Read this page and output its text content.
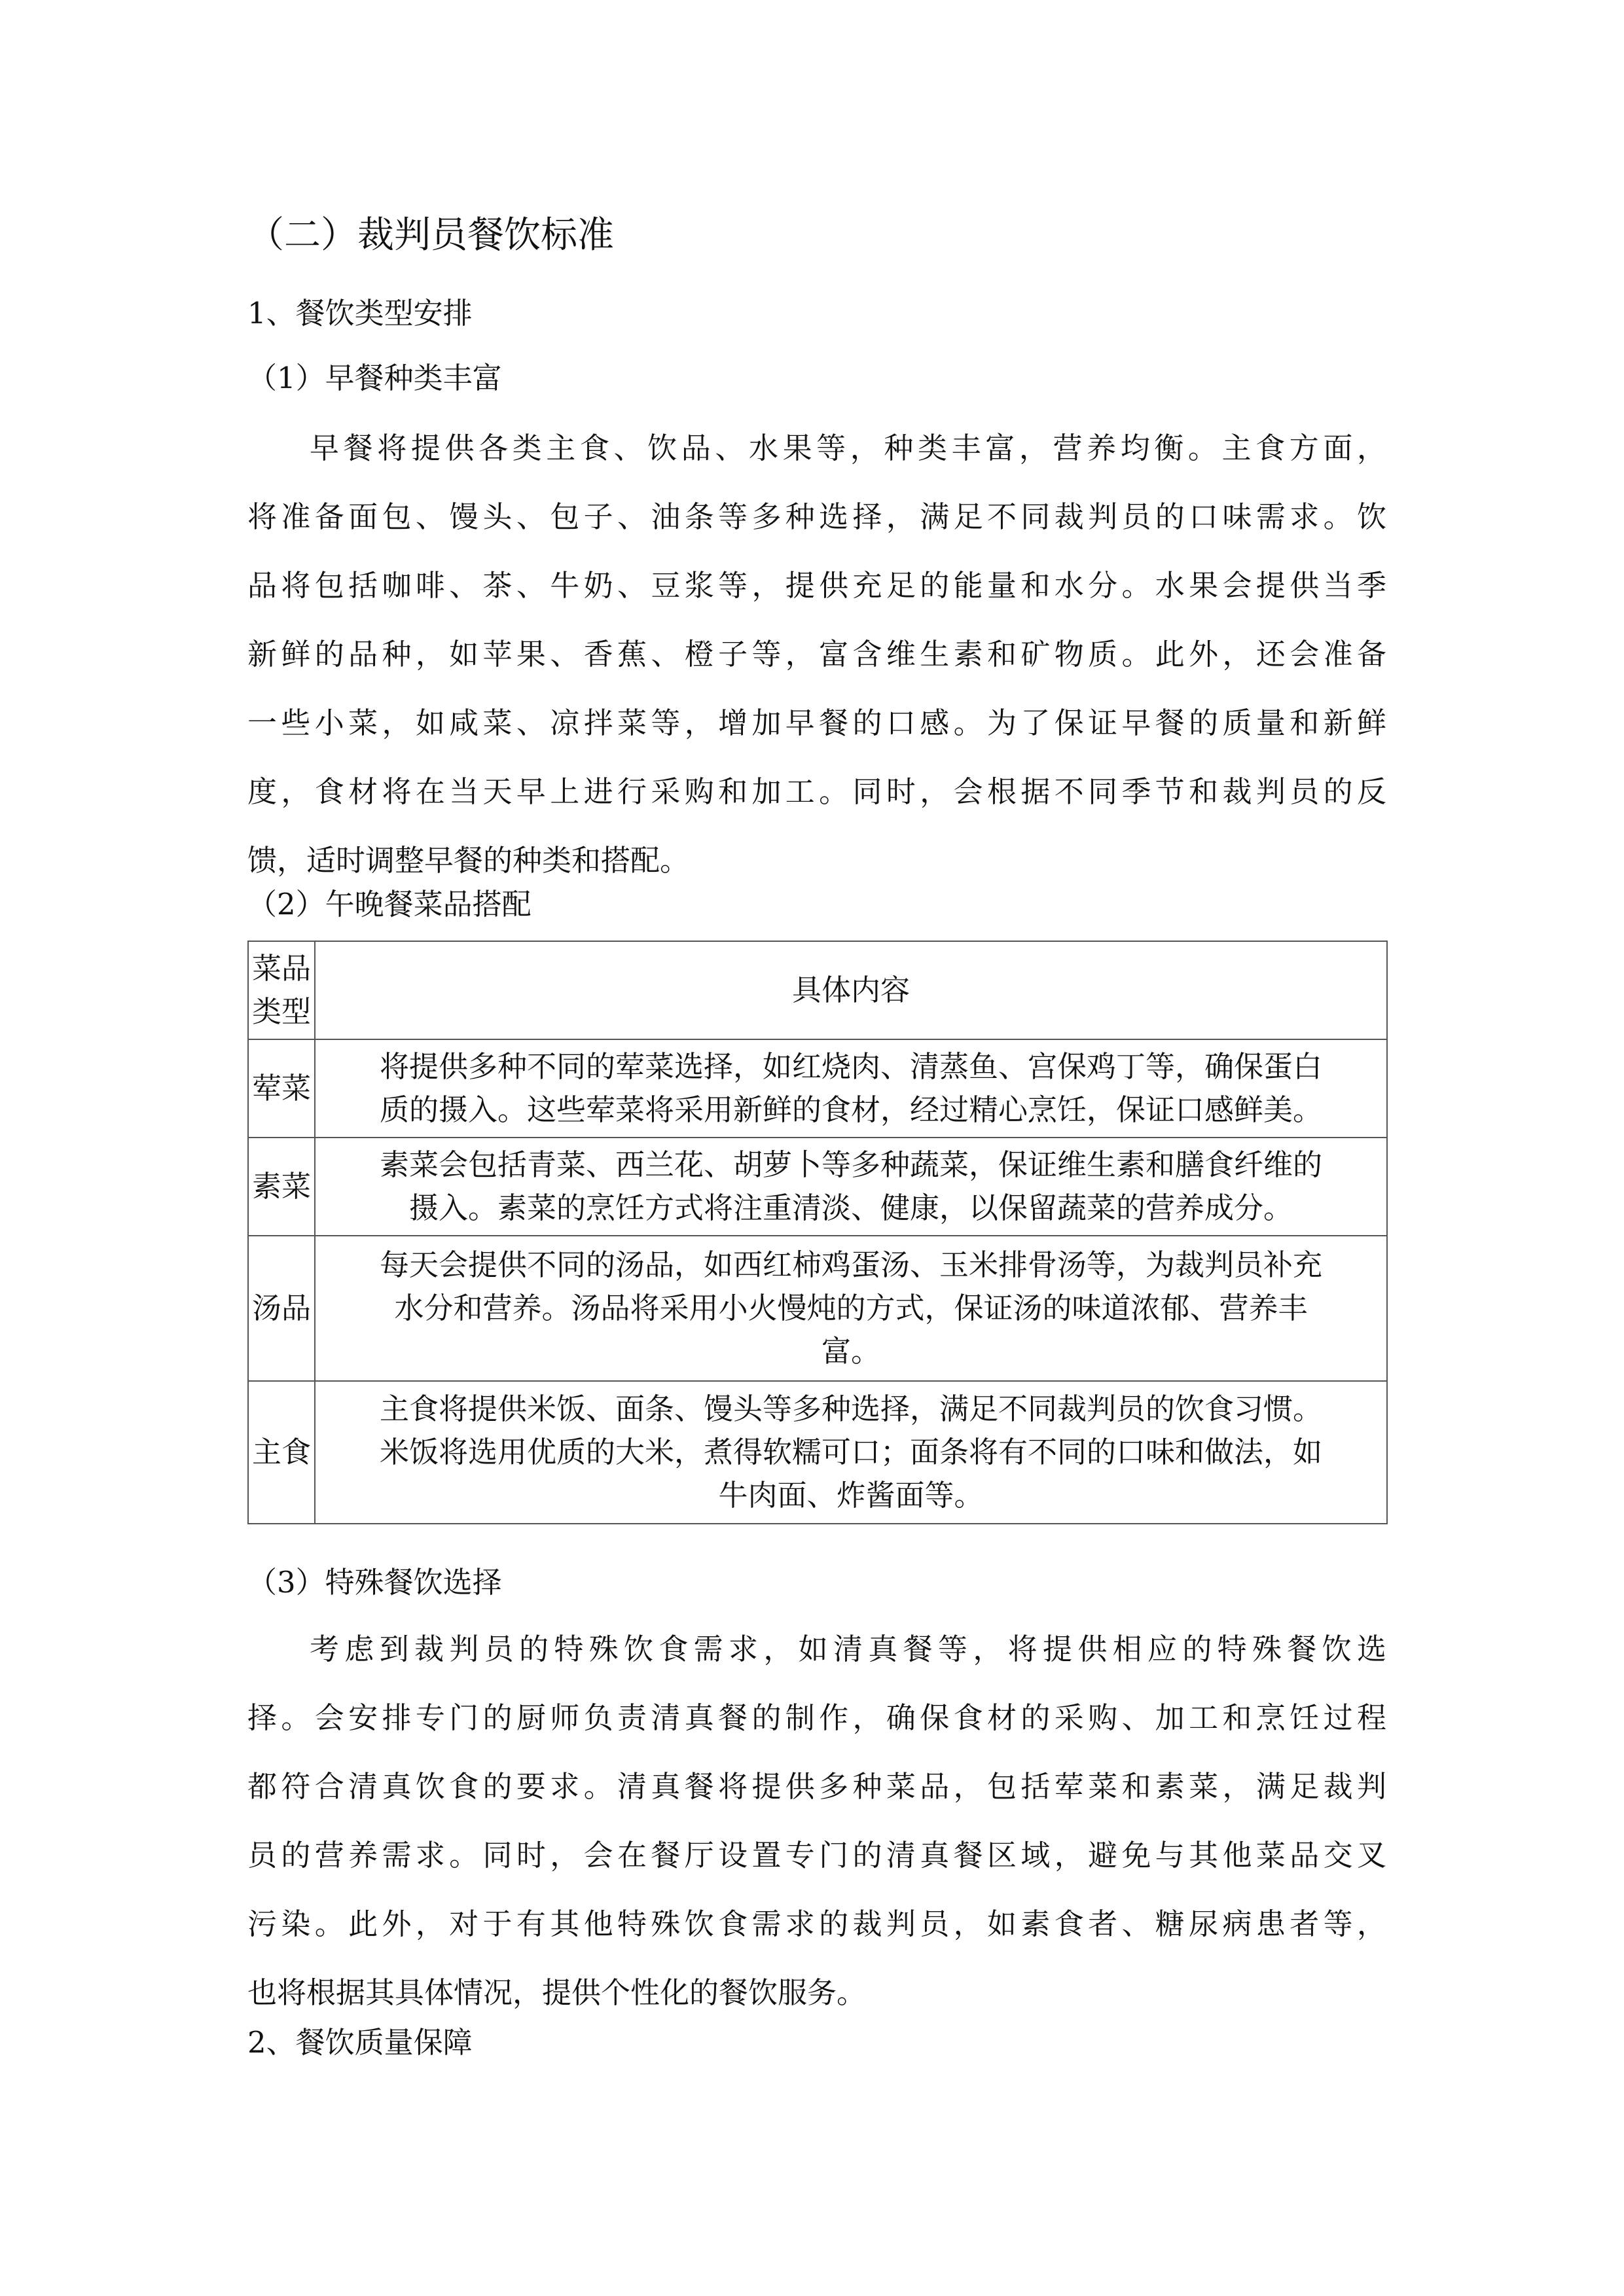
（二）裁判员餐饮标准
1、餐饮类型安排
（1）早餐种类丰富
早餐将提供各类主食、饮品、水果等，种类丰富，营养均衡。主食方面，
将准备面包、馒头、包子、油条等多种选择，满足不同裁判员的口味需求。饮
品将包括咖啡、茶、牛奶、豆浆等，提供充足的能量和水分。水果会提供当季
新鲜的品种，如苹果、香蕉、橙子等，富含维生素和矿物质。此外，还会准备
一些小菜，如咸菜、凉拌菜等，增加早餐的口感。为了保证早餐的质量和新鲜
度，食材将在当天早上进行采购和加工。同时，会根据不同季节和裁判员的反
馈，适时调整早餐的种类和搭配。
（2）午晚餐菜品搭配
菜品
类型	具体内容
荤菜	将提供多种不同的荤菜选择，如红烧肉、清蒸鱼、宫保鸡丁等，确保蛋白
质的摄入。这些荤菜将采用新鲜的食材，经过精心烹饪，保证口感鲜美。

素菜	素菜会包括青菜、西兰花、胡萝卜等多种蔬菜，保证维生素和膳食纤维的
摄入。素菜的烹饪方式将注重清淡、健康，以保留蔬菜的营养成分。

汤品	每天会提供不同的汤品，如西红柿鸡蛋汤、玉米排骨汤等，为裁判员补充
水分和营养。汤品将采用小火慢炖的方式，保证汤的味道浓郁、营养丰
富。

主食	主食将提供米饭、面条、馒头等多种选择，满足不同裁判员的饮食习惯。
米饭将选用优质的大米，煮得软糯可口；面条将有不同的口味和做法，如
牛肉面、炸酱面等。
（3）特殊餐饮选择
考虑到裁判员的特殊饮食需求，如清真餐等，将提供相应的特殊餐饮选
择。会安排专门的厨师负责清真餐的制作，确保食材的采购、加工和烹饪过程
都符合清真饮食的要求。清真餐将提供多种菜品，包括荤菜和素菜，满足裁判
员的营养需求。同时，会在餐厅设置专门的清真餐区域，避免与其他菜品交叉
污染。此外，对于有其他特殊饮食需求的裁判员，如素食者、糖尿病患者等，
也将根据其具体情况，提供个性化的餐饮服务。
2、餐饮质量保障
